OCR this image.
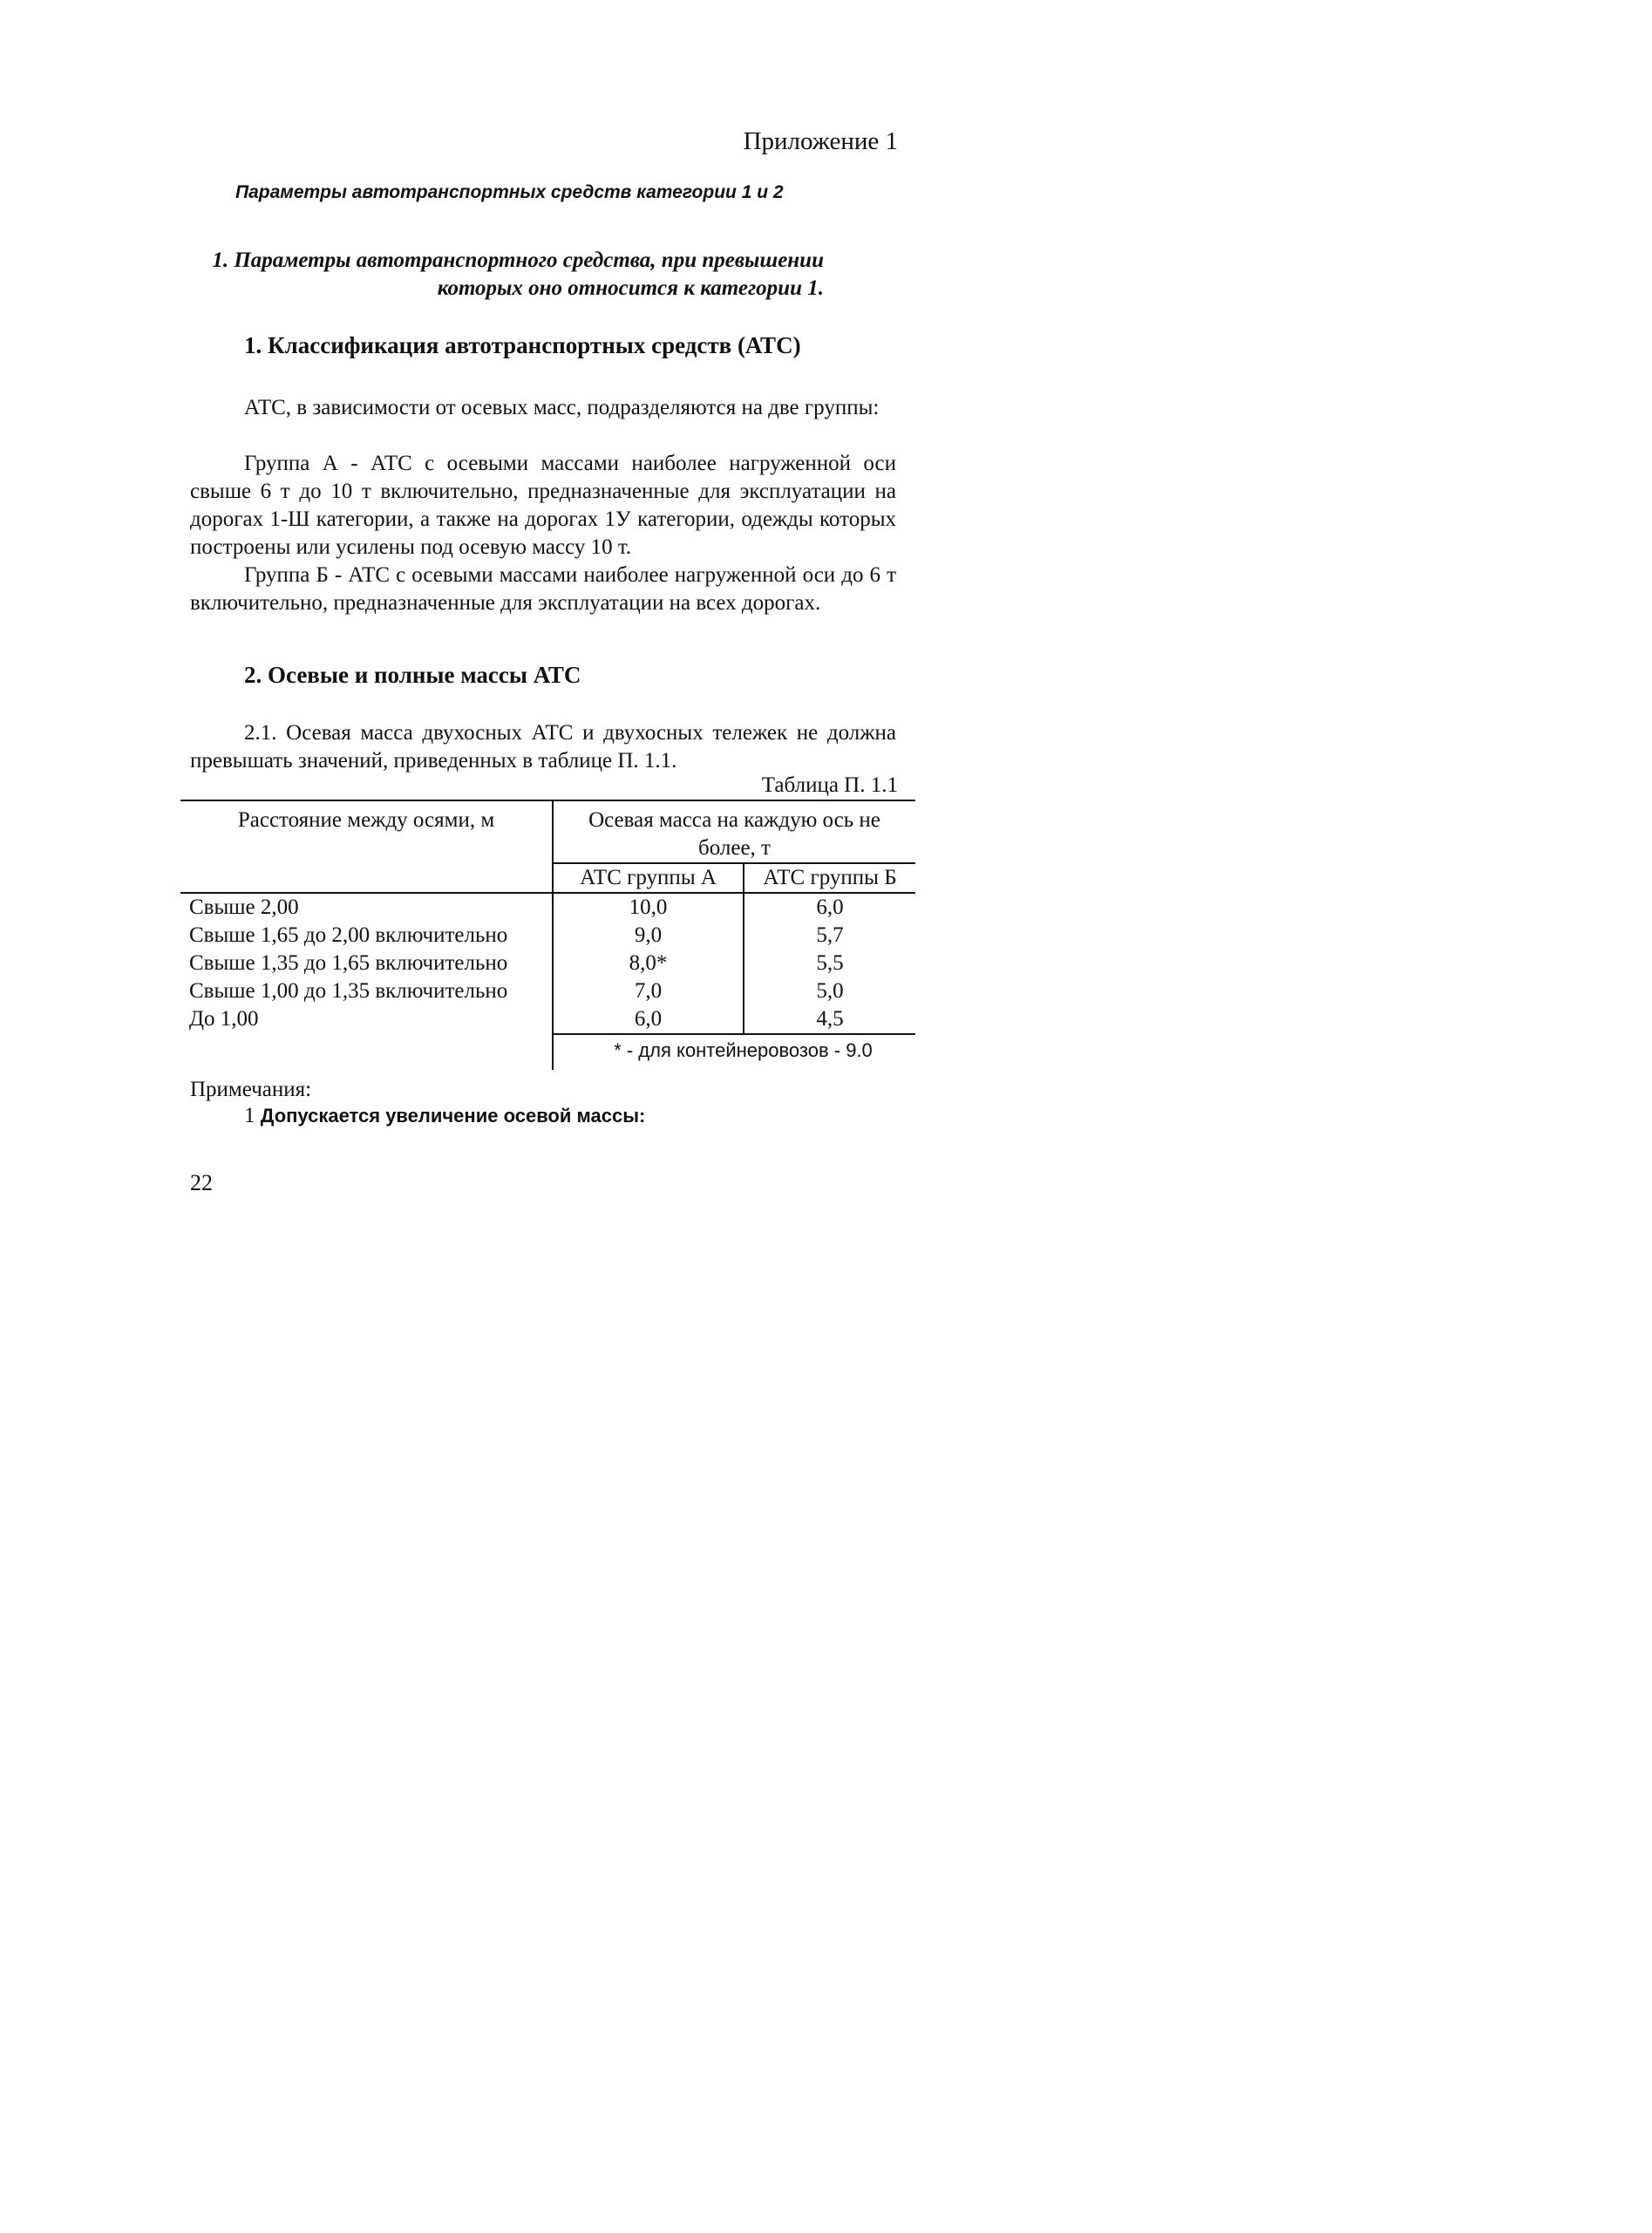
Приложение 1
Параметры автотранспортных средств категории 1 и 2
1. Параметры автотранспортного средства, при превышении которых оно относится к категории 1.
1. Классификация автотранспортных средств (АТС)

АТС, в зависимости от осевых масс, подразделяются на две группы:

Группа А - АТС с осевыми массами наиболее нагруженной оси свыше 6 т до 10 т включительно, предназначенные для эксплуатации на дорогах 1-Ш категории, а также на дорогах 1У категории, одежды которых построены или усилены под осевую массу 10 т.

Группа Б - АТС с осевыми массами наиболее нагруженной оси до 6 т включительно, предназначенные для эксплуатации на всех дорогах.

2. Осевые и полные массы АТС

2.1. Осевая масса двухосных АТС и двухосных тележек не должна превышать значений, приведенных в таблице П. 1.1.

Таблица П. 1.1
Расстояние между осями, м	Осевая масса на каждую ось не более, т	
	АТС группы А	АТС группы Б
Свыше 2,00	10,0	6,0
Свыше 1,65 до 2,00 включительно	9,0	5,7
Свыше 1,35 до 1,65 включительно	8,0*	5,5
Свыше 1,00 до 1,35 включительно	7,0	5,0
До 1,00	6,0	4,5
	* - для контейнеровозов - 9.0	
Примечания:
1 Допускается увеличение осевой массы:
22
